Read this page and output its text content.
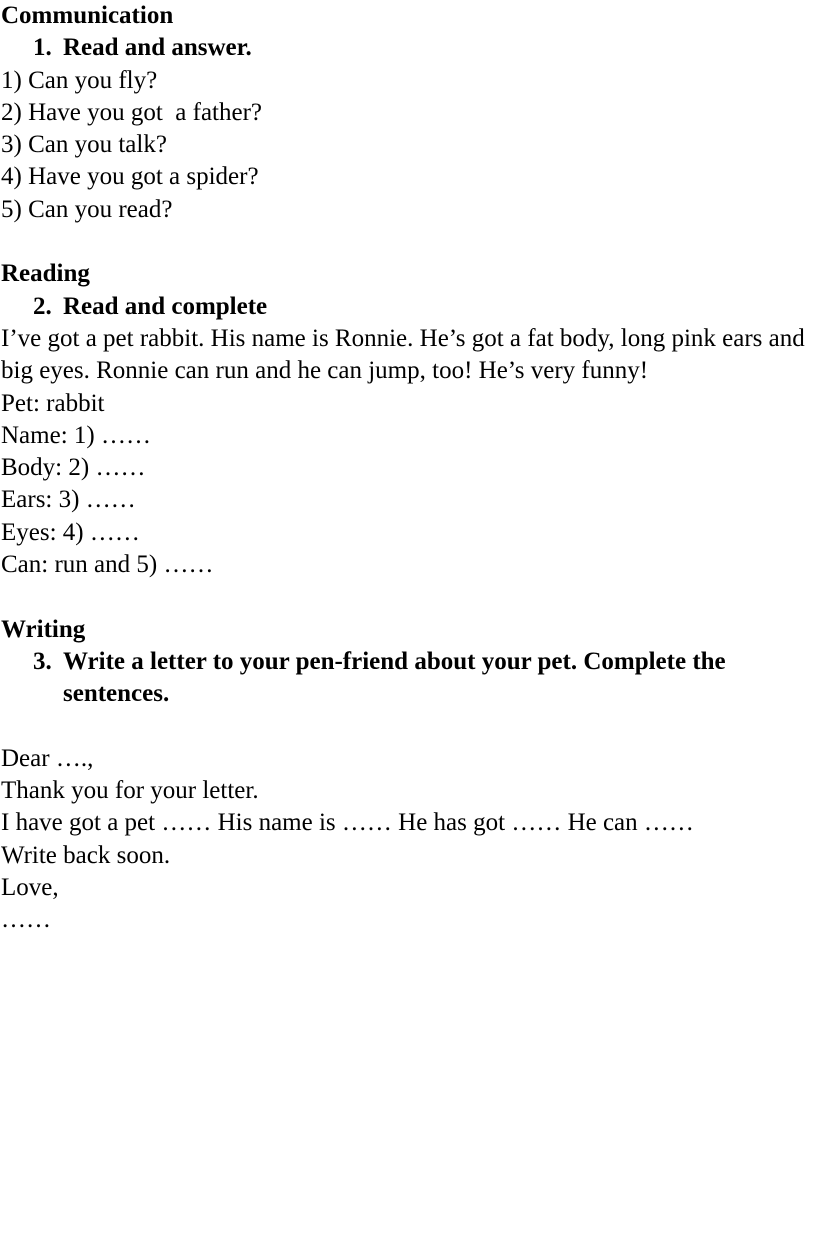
Communication
1. Read and answer.
1) Can you fly?
2) Have you got  a father?
3) Can you talk?
4) Have you got a spider?
5) Can you read?
Reading
2. Read and complete

I’ve got a pet rabbit. His name is Ronnie. He’s got a fat body, long pink ears and big eyes. Ronnie can run and he can jump, too! He’s very funny!

Pet: rabbit
Name: 1) ……
Body: 2) ……
Ears: 3) ……
Eyes: 4) ……
Can: run and 5) ……
Writing
3. Write a letter to your pen-friend about your pet. Complete the sentences.
Dear ….,
Thank you for your letter.
I have got a pet …… His name is …… He has got …… He can ……
Write back soon.
Love,
……
